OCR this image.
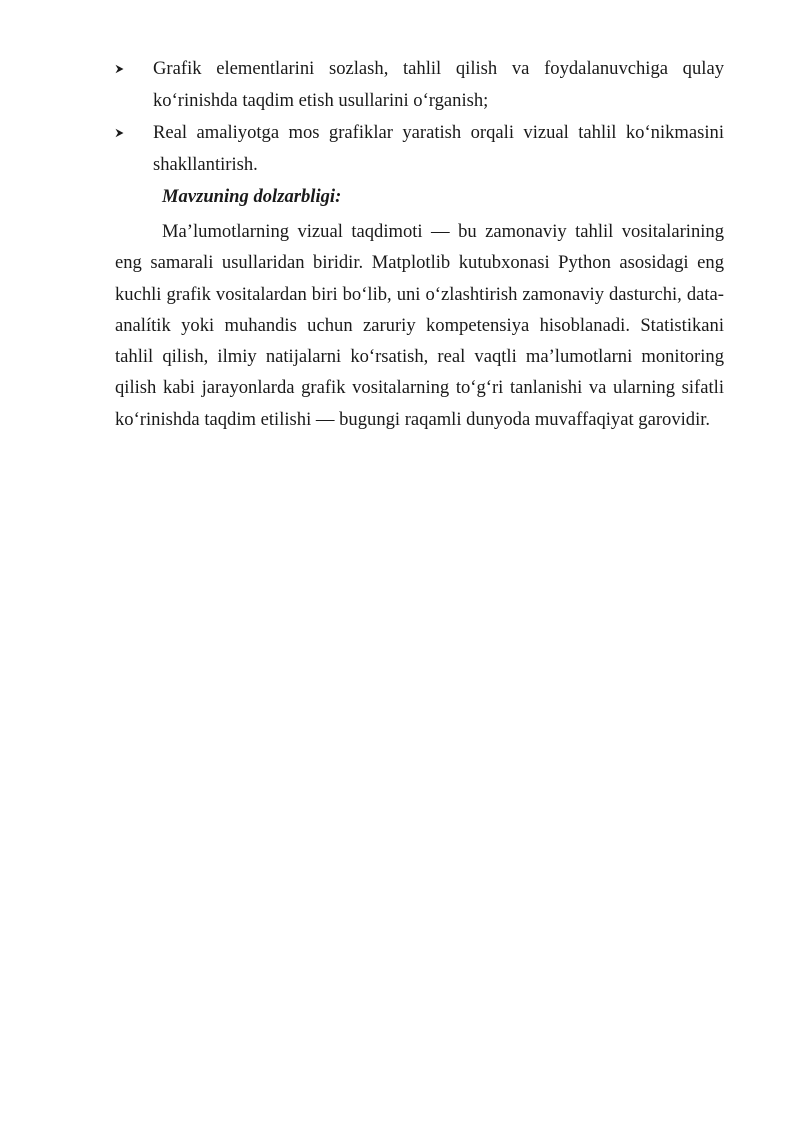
Grafik elementlarini sozlash, tahlil qilish va foydalanuvchiga qulay ko‘rinishda taqdim etish usullarini o‘rganish;
Real amaliyotga mos grafiklar yaratish orqali vizual tahlil ko‘nikmasini shakllantirish.

Mavzuning dolzarbligi:

Ma’lumotlarning vizual taqdimoti — bu zamonaviy tahlil vositalarining eng samarali usullaridan biridir. Matplotlib kutubxonasi Python asosidagi eng kuchli grafik vositalardan biri bo‘lib, uni o‘zlashtirish zamonaviy dasturchi, data-analítik yoki muhandis uchun zaruriy kompetensiya hisoblanadi. Statistikani tahlil qilish, ilmiy natijalarni ko‘rsatish, real vaqtli ma’lumotlarni monitoring qilish kabi jarayonlarda grafik vositalarning to‘g‘ri tanlanishi va ularning sifatli ko‘rinishda taqdim etilishi — bugungi raqamli dunyoda muvaffaqiyat garovidir.
